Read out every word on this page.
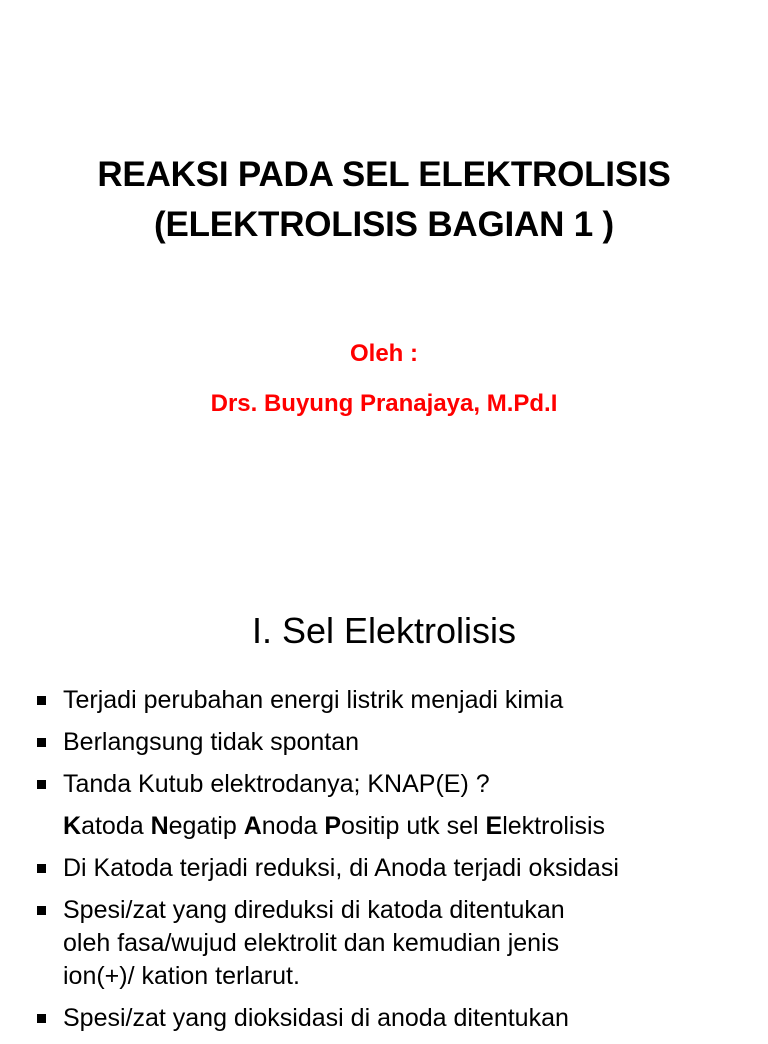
REAKSI PADA SEL ELEKTROLISIS
(ELEKTROLISIS BAGIAN 1 )
Oleh :
Drs. Buyung Pranajaya, M.Pd.I
I. Sel Elektrolisis
Terjadi perubahan energi listrik menjadi kimia
Berlangsung tidak spontan
Tanda Kutub elektrodanya; KNAP(E) ?
Katoda Negatip Anoda Positip utk sel Elektrolisis
Di Katoda terjadi reduksi, di Anoda terjadi oksidasi
Spesi/zat yang direduksi di katoda ditentukan
oleh fasa/wujud elektrolit dan kemudian jenis
ion(+)/ kation terlarut.
Spesi/zat yang dioksidasi di anoda ditentukan
